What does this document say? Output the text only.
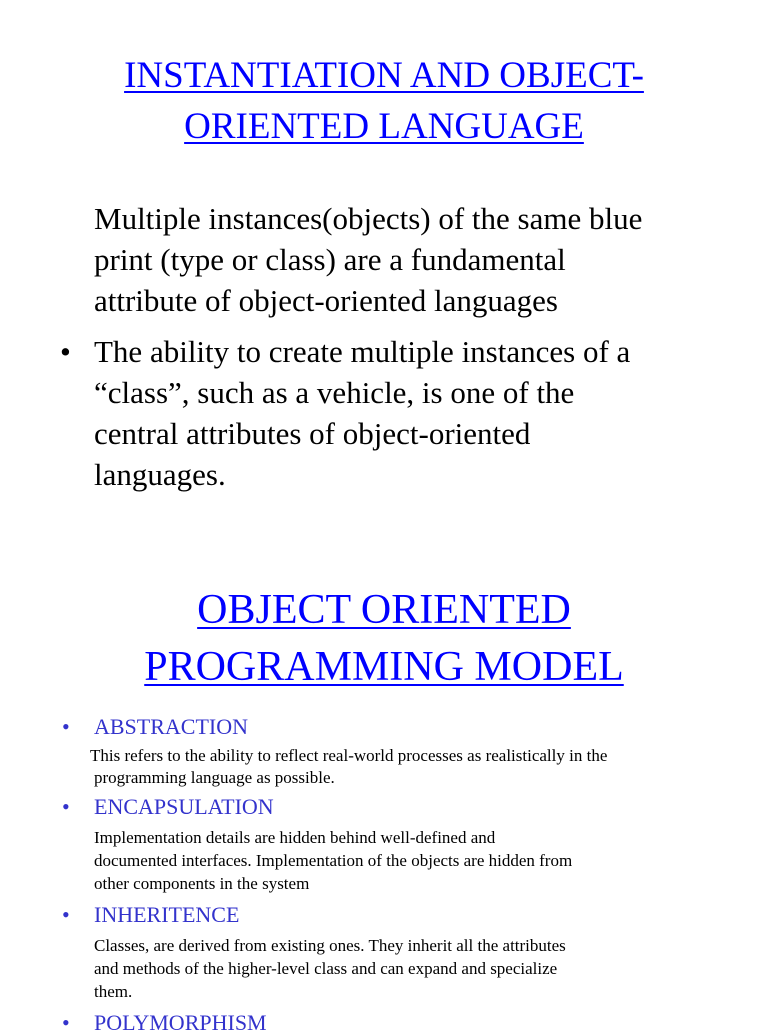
INSTANTIATION AND OBJECT-
ORIENTED LANGUAGE
Multiple instances(objects) of the same blue
print (type or class) are a fundamental
attribute of object-oriented languages
• The ability to create multiple instances of a
“class”, such as a vehicle, is one of the
central attributes of object-oriented
languages.
OBJECT ORIENTED
PROGRAMMING MODEL
• ABSTRACTION
This refers to the ability to reflect real-world processes as realistically in the
programming language as possible.
• ENCAPSULATION
Implementation details are hidden behind well-defined and
documented interfaces. Implementation of the objects are hidden from
other components in the system
• INHERITENCE
Classes, are derived from existing ones. They inherit all the attributes
and methods of the higher-level class and can expand and specialize
them.
• POLYMORPHISM
